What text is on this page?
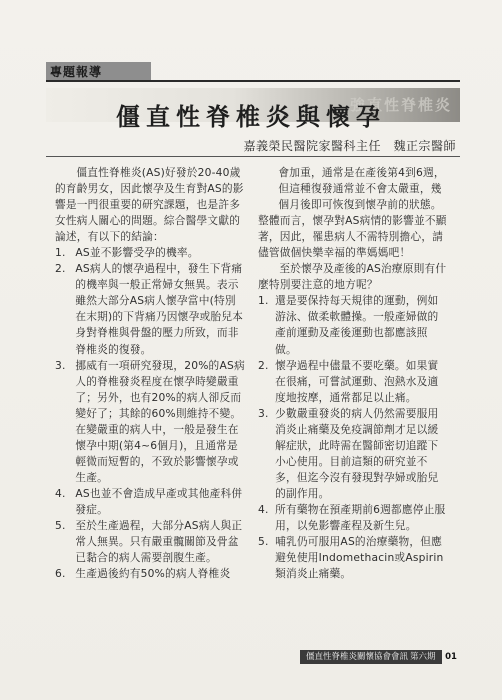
專題報導
強直性脊椎炎
僵直性脊椎炎與懷孕
嘉義榮民醫院家醫科主任　魏正宗醫師

僵直性脊椎炎(AS)好發於20-40歲的育齡男女，因此懷孕及生育對AS的影響是一門很重要的研究課題，也是許多女性病人關心的問題。綜合醫學文獻的論述，有以下的結論：

1. AS並不影響受孕的機率。

2. AS病人的懷孕過程中，發生下背痛的機率與一般正常婦女無異。表示雖然大部分AS病人懷孕當中(特別在末期)的下背痛乃因懷孕或胎兒本身對脊椎與骨盤的壓力所致，而非脊椎炎的復發。

3. 挪威有一項研究發現，20%的AS病人的脊椎發炎程度在懷孕時變嚴重了；另外，也有20%的病人卻反而變好了；其餘的60%則維持不變。在變嚴重的病人中，一般是發生在懷孕中期(第4~6個月)，且通常是輕微而短暫的，不致於影響懷孕或生產。

4. AS也並不會造成早產或其他產科併發症。

5. 至於生產過程，大部分AS病人與正常人無異。只有嚴重髖關節及骨盆已黏合的病人需要剖腹生產。

6. 生產過後約有50%的病人脊椎炎

會加重，通常是在產後第4到6週，但這種復發通常並不會太嚴重，幾個月後即可恢復到懷孕前的狀態。

整體而言，懷孕對AS病情的影響並不顯著，因此，罹患病人不需特別擔心，請儘管做個快樂幸福的準媽媽吧！

至於懷孕及產後的AS治療原則有什麼特別要注意的地方呢？

1. 還是要保持每天規律的運動，例如游泳、做柔軟體操。一般產婦做的產前運動及產後運動也都應該照做。

2. 懷孕過程中儘量不要吃藥。如果實在很痛，可嘗試運動、泡熱水及適度地按摩，通常都足以止痛。

3. 少數嚴重發炎的病人仍然需要服用消炎止痛藥及免疫調節劑才足以緩解症狀，此時需在醫師密切追蹤下小心使用。目前這類的研究並不多，但迄今沒有發現對孕婦或胎兒的副作用。

4. 所有藥物在預產期前6週都應停止服用，以免影響產程及新生兒。

5. 哺乳仍可服用AS的治療藥物，但應避免使用Indomethacin或Aspirin類消炎止痛藥。

僵直性脊椎炎關懷協會會訊 第六期	01
